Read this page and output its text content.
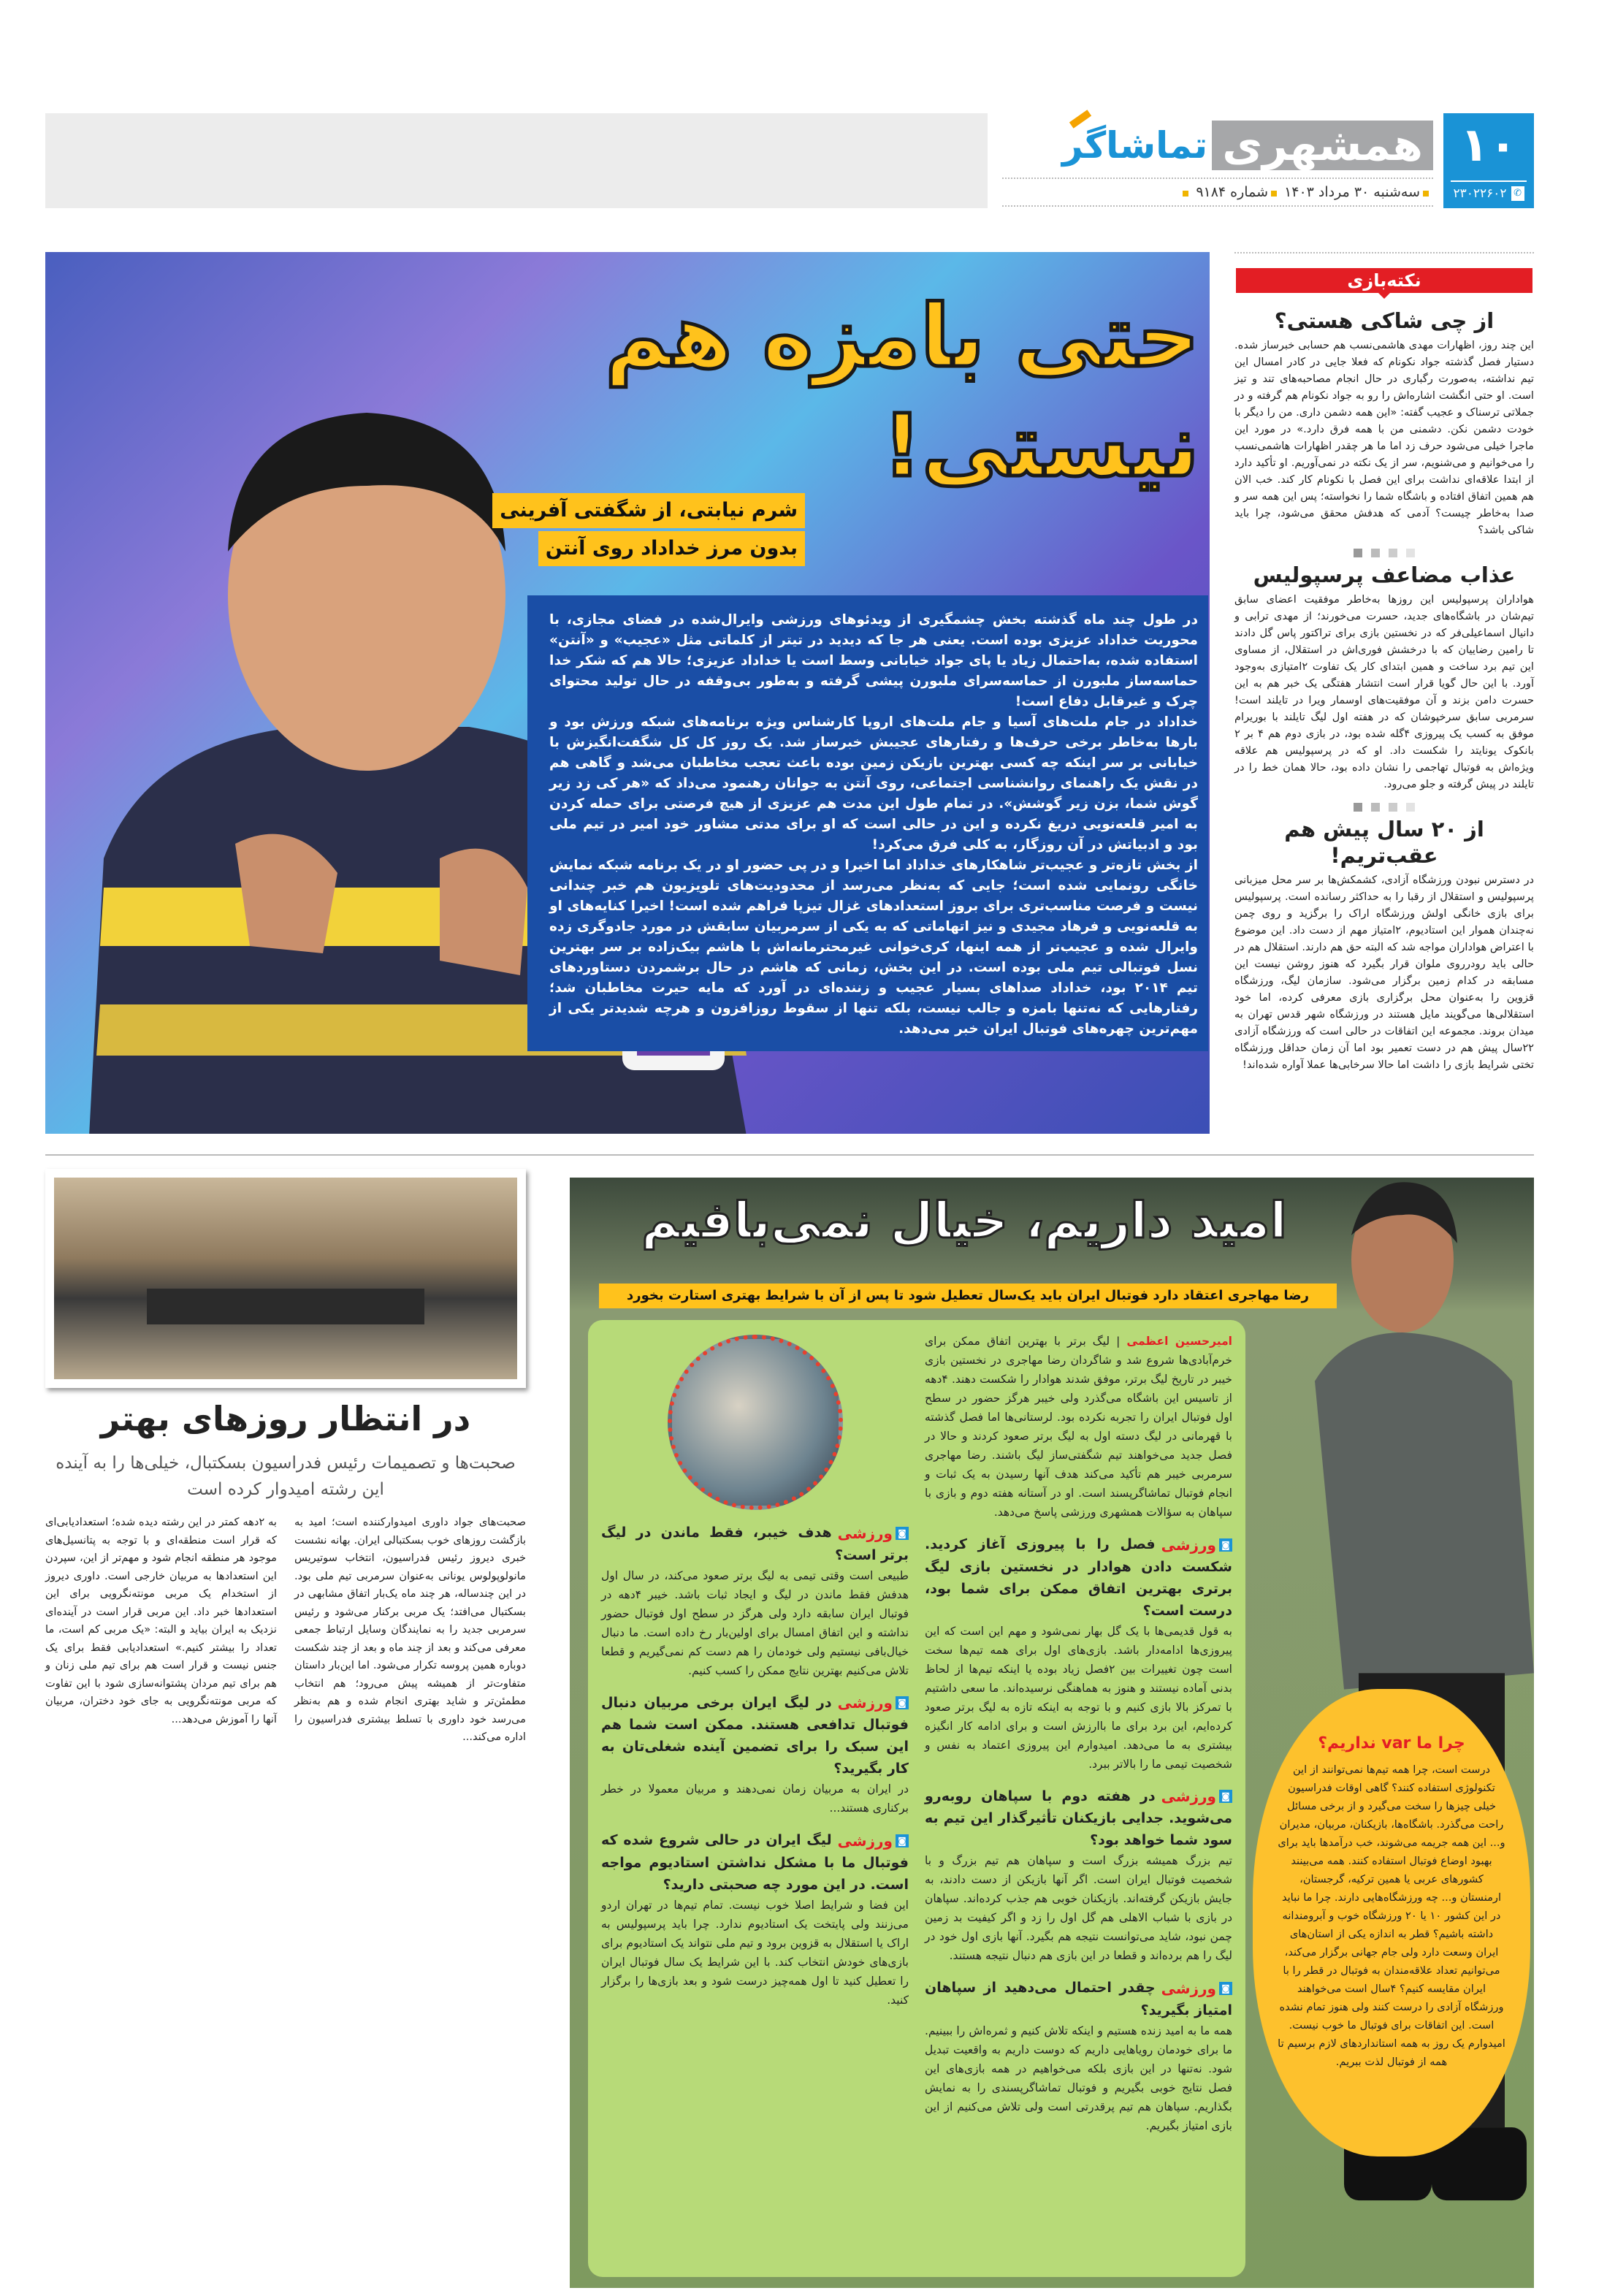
۱۰
۲۳۰۲۲۶۰۲ ✆
همشهری
تماشاگر
سه‌شنبه ۳۰ مرداد ۱۴۰۳ شماره ۹۱۸۴
نکته‌بازی
از چی شاکی هستی؟
این چند روز، اظهارات مهدی هاشمی‌نسب هم حسابی خبرساز شده. دستیار فصل گذشته جواد نکونام که فعلا جایی در کادر امسال این تیم نداشته، به‌صورت رگباری در حال انجام مصاحبه‌های تند و تیز است. او حتی انگشت اشاره‌اش را رو به جواد نکونام هم گرفته و در جملاتی ترسناک و عجیب گفته: «این همه دشمن داری. من را دیگر با خودت دشمن نکن. دشمنی من با همه فرق دارد.» در مورد این ماجرا خیلی می‌شود حرف زد اما ما هر چقدر اظهارات هاشمی‌نسب را می‌خوانیم و می‌شنویم، سر از یک نکته در نمی‌آوریم. او تأکید دارد از ابتدا علاقه‌ای نداشت برای این فصل با نکونام کار کند. خب الان هم همین اتفاق افتاده و باشگاه شما را نخواسته؛ پس این همه سر و صدا به‌خاطر چیست؟ آدمی که هدفش محقق می‌شود، چرا باید شاکی باشد؟
عذاب مضاعف پرسپولیس
هواداران پرسپولیس این روزها به‌خاطر موفقیت اعضای سابق تیم‌شان در باشگاه‌های جدید، حسرت می‌خورند؛ از مهدی ترابی و دانیال اسماعیلی‌فر که در نخستین بازی برای تراکتور پاس گل دادند تا رامین رضاییان که با درخشش فوری‌اش در استقلال، از مساوی این تیم برد ساخت و همین ابتدای کار یک تفاوت ۲امتیازی به‌وجود آورد. با این حال گویا قرار است انتشار هفتگی یک خبر هم به این حسرت دامن بزند و آن موفقیت‌های اوسمار ویرا در تایلند است! سرمربی سابق سرخپوشان که در هفته اول لیگ تایلند با بوریرام موفق به کسب یک پیروزی ۴گله شده بود، در بازی دوم هم ۴ بر ۲ بانکوک یونایتد را شکست داد. او که در پرسپولیس هم علاقه ویژه‌اش به فوتبال تهاجمی را نشان داده بود، حالا همان خط را در تایلند در پیش گرفته و جلو می‌رود.
از ۲۰ سال پیش هم عقب‌تریم!
در دسترس نبودن ورزشگاه آزادی، کشمکش‌ها بر سر محل میزبانی پرسپولیس و استقلال از رقبا را به حداکثر رسانده است. پرسپولیس برای بازی خانگی اولش ورزشگاه اراک را برگزید و روی چمن نه‌چندان هموار این استادیوم، ۲امتیاز مهم از دست داد. این موضوع با اعتراض هواداران مواجه شد که البته حق هم دارند. استقلال هم در حالی باید رودرروی ملوان قرار بگیرد که هنوز روشن نیست این مسابقه در کدام زمین برگزار می‌شود. سازمان لیگ، ورزشگاه قزوین را به‌عنوان محل برگزاری بازی معرفی کرده، اما خود استقلالی‌ها می‌گویند مایل هستند در ورزشگاه شهر قدس تهران به میدان بروند. مجموعه این اتفاقات در حالی است که ورزشگاه آزادی ۲۲سال پیش هم در دست تعمیر بود اما آن زمان حداقل ورزشگاه تختی شرایط بازی را داشت اما حالا سرخابی‌ها عملا آواره شده‌اند!
حتی بامزه هم
نیستی!
شرم نیابتی، از شگفتی آفرینی
بدون مرز خداداد روی آنتن

در طول چند ماه گذشته بخش چشمگیری از ویدئوهای ورزشی وایرال‌شده در فضای مجازی، با محوریت خداداد عزیزی بوده است. یعنی هر جا که دیدید در تیتر از کلماتی مثل «عجیب» و «آنتن» استفاده شده، به‌احتمال زیاد یا پای جواد خیابانی وسط است یا خداداد عزیزی؛ حالا هم که شکر خدا حماسه‌ساز ملبورن از حماسه‌سرای ملبورن پیشی گرفته و به‌طور بی‌وقفه در حال تولید محتوای چرک و غیرقابل دفاع است!

خداداد در جام ملت‌های آسیا و جام ملت‌های اروپا کارشناس ویژه برنامه‌های شبکه ورزش بود و بارها به‌خاطر برخی حرف‌ها و رفتارهای عجیبش خبرساز شد. یک روز کل کل شگفت‌انگیزش با خیابانی بر سر اینکه چه کسی بهترین بازیکن زمین بوده باعث تعجب مخاطبان می‌شد و گاهی هم در نقش یک راهنمای روانشناسی اجتماعی، روی آنتن به جوانان رهنمود می‌داد که «هر کی زد زیر گوش شما، بزن زیر گوشش». در تمام طول این مدت هم عزیزی از هیچ فرصتی برای حمله کردن به امیر قلعه‌نویی دریغ نکرده و این در حالی است که او برای مدتی مشاور خود امیر در تیم ملی بود و ادبیاتش در آن روزگار، به کلی فرق می‌کرد!

از بخش تازه‌تر و عجیب‌تر شاهکارهای خداداد اما اخیرا و در پی حضور او در یک برنامه شبکه نمایش خانگی رونمایی شده است؛ جایی که به‌نظر می‌رسد از محدودیت‌های تلویزیون هم خبر چندانی نیست و فرصت مناسب‌تری برای بروز استعدادهای غزال تیزپا فراهم شده است! اخیرا کنایه‌های او به قلعه‌نویی و فرهاد مجیدی و نیز اتهاماتی که به یکی از سرمربیان سابقش در مورد جادوگری زده وایرال شده و عجیب‌تر از همه اینها، کری‌خوانی غیرمحترمانه‌اش با هاشم بیک‌زاده بر سر بهترین نسل فوتبالی تیم ملی بوده است. در این بخش، زمانی که هاشم در حال برشمردن دستاوردهای تیم ۲۰۱۴ بود، خداداد صداهای بسیار عجیب و زننده‌ای در آورد که مایه حیرت مخاطبان شد؛ رفتارهایی که نه‌تنها بامزه و جالب نیست، بلکه تنها از سقوط روزافزون و هرچه شدیدتر یکی از مهم‌ترین چهره‌های فوتبال ایران خبر می‌دهد.

در انتظار روزهای بهتر
صحبت‌ها و تصمیمات رئیس فدراسیون بسکتبال، خیلی‌ها را به آینده این رشته امیدوار کرده است
صحبت‌های جواد داوری امیدوارکننده است؛ امید به بازگشت روزهای خوب بسکتبالی ایران. بهانه نشست خبری دیروز رئیس فدراسیون، انتخاب سوتیریس مانولوپولوس یونانی به‌عنوان سرمربی تیم ملی بود. در این چندساله، هر چند ماه یک‌بار اتفاق مشابهی در بسکتبال می‌افتد؛ یک مربی برکنار می‌شود و رئیس سرمربی جدید را به نمایندگان وسایل ارتباط جمعی معرفی می‌کند و بعد از چند ماه و بعد از چند شکست دوباره همین پروسه تکرار می‌شود. اما این‌بار داستان متفاوت‌تر از همیشه پیش می‌رود؛ هم انتخاب مطمئن‌تر و شاید بهتری انجام شده و هم به‌نظر می‌رسد خود داوری با تسلط بیشتری فدراسیون را اداره می‌کند...
به ۲دهه کمتر در این رشته دیده شده؛ استعدادیابی‌ای که قرار است منطقه‌ای و با توجه به پتانسیل‌های موجود هر منطقه انجام شود و مهم‌تر از این، سپردن این استعدادها به مربیان خارجی است. داوری دیروز از استخدام یک مربی مونته‌نگرویی برای این استعدادها خبر داد. این مربی قرار است در آینده‌ای نزدیک به ایران بیاید و البته: «یک مربی کم است، ما تعداد را بیشتر کنیم.» استعدادیابی فقط برای یک جنس نیست و قرار است هم برای تیم ملی زنان و هم برای تیم مردان پشتوانه‌سازی شود با این تفاوت که مربی مونته‌نگرویی به جای خود دختران، مربیان آنها را آموزش می‌دهد...
امید داریم، خیال نمی‌بافیم
رضا مهاجری اعتقاد دارد فوتبال ایران باید یک‌سال تعطیل شود تا پس از آن با شرایط بهتری استارت بخورد
امیرحسین اعظمی | لیگ برتر با بهترین اتفاق ممکن برای خرم‌آبادی‌ها شروع شد و شاگردان رضا مهاجری در نخستین بازی خیبر در تاریخ لیگ برتر، موفق شدند هوادار را شکست دهند. ۴دهه از تاسیس این باشگاه می‌گذرد ولی خیبر هرگز حضور در سطح اول فوتبال ایران را تجربه نکرده بود. لرستانی‌ها اما فصل گذشته با قهرمانی در لیگ دسته اول به لیگ برتر صعود کردند و حالا در فصل جدید می‌خواهند تیم شگفتی‌ساز لیگ باشند. رضا مهاجری سرمربی خیبر هم تأکید می‌کند هدف آنها رسیدن به یک ثبات و انجام فوتبال تماشاگرپسند است. او در آستانه هفته دوم و بازی با سپاهان به سؤالات همشهری ورزشی پاسخ می‌دهد.
◙
ورزشی
فصل را با پیروزی آغاز کردید. شکست دادن هوادار در نخستین بازی لیگ برتری بهترین اتفاق ممکن برای شما بود، درست است؟
به قول قدیمی‌ها با یک گل بهار نمی‌شود و مهم این است که این پیروزی‌ها ادامه‌دار باشد. بازی‌های اول برای همه تیم‌ها سخت است چون تغییرات بین ۲فصل زیاد بوده یا اینکه تیم‌ها از لحاظ بدنی آماده نیستند و هنوز به هماهنگی نرسیده‌اند. ما سعی داشتیم با تمرکز بالا بازی کنیم و با توجه به اینکه تازه به لیگ برتر صعود کرده‌ایم، این برد برای ما باارزش است و برای ادامه کار انگیزه بیشتری به ما می‌دهد. امیدوارم این پیروزی اعتماد به نفس و شخصیت تیمی ما را بالاتر ببرد.
◙
ورزشی
در هفته دوم با سپاهان روبه‌رو می‌شوید. جدایی بازیکنان تأثیرگذار این تیم به سود شما خواهد بود؟
تیم بزرگ همیشه بزرگ است و سپاهان هم تیم بزرگ و با شخصیت فوتبال ایران است. اگر آنها بازیکن از دست دادند، به جایش بازیکن گرفته‌اند. بازیکنان خوبی هم جذب کرده‌اند. سپاهان در بازی با شباب الاهلی هم گل اول را زد و اگر کیفیت بد زمین چمن نبود، شاید می‌توانست نتیجه هم بگیرد. آنها بازی اول خود در لیگ را هم برده‌اند و قطعا در این بازی هم دنبال نتیجه هستند.
◙
ورزشی
چقدر احتمال می‌دهید از سپاهان امتیاز بگیرید؟
همه ما به امید زنده هستیم و اینکه تلاش کنیم و ثمره‌اش را ببینیم. ما برای خودمان رویاهایی داریم که دوست داریم به واقعیت تبدیل شود. نه‌تنها در این بازی بلکه می‌خواهیم در همه بازی‌های این فصل نتایج خوبی بگیریم و فوتبال تماشاگرپسندی را به نمایش بگذاریم. سپاهان هم تیم پرقدرتی است ولی تلاش می‌کنیم از این بازی امتیاز بگیریم.
◙
ورزشی
هدف خیبر، فقط ماندن در لیگ برتر است؟
طبیعی است وقتی تیمی به لیگ برتر صعود می‌کند، در سال اول هدفش فقط ماندن در لیگ و ایجاد ثبات باشد. خیبر ۴دهه در فوتبال ایران سابقه دارد ولی هرگز در سطح اول فوتبال حضور نداشته و این اتفاق امسال برای اولین‌بار رخ داده است. ما دنبال خیال‌بافی نیستیم ولی خودمان را هم دست کم نمی‌گیریم و قطعا تلاش می‌کنیم بهترین نتایج ممکن را کسب کنیم.
◙
ورزشی
در لیگ ایران برخی مربیان دنبال فوتبال تدافعی هستند. ممکن است شما هم این سبک را برای تضمین آینده شغلی‌تان به کار بگیرید؟
در ایران به مربیان زمان نمی‌دهند و مربیان معمولا در خطر برکناری هستند...
◙
ورزشی
لیگ ایران در حالی شروع شده که فوتبال ما با مشکل نداشتن استادیوم مواجه است. در این مورد چه صحبتی دارید؟
این فضا و شرایط اصلا خوب نیست. تمام تیم‌ها در تهران اردو می‌زنند ولی پایتخت یک استادیوم ندارد. چرا باید پرسپولیس به اراک یا استقلال به قزوین برود و تیم ملی نتواند یک استادیوم برای بازی‌های خودش انتخاب کند. با این شرایط یک سال فوتبال ایران را تعطیل کنید تا اول همه‌چیز درست شود و بعد بازی‌ها را برگزار کنید.
چرا ما var نداریم؟
درست است، چرا همه تیم‌ها نمی‌توانند از این تکنولوژی استفاده کنند؟ گاهی اوقات فدراسیون خیلی چیزها را سخت می‌گیرد و از برخی مسائل راحت می‌گذرد. باشگاه‌ها، بازیکنان، مربیان، مدیران و... این همه جریمه می‌شوند، خب درآمدها باید برای بهبود اوضاع فوتبال استفاده کنند. همه می‌بینند کشورهای عربی یا همین ترکیه، گرجستان، ارمنستان و... چه ورزشگاه‌هایی دارند. چرا ما نباید در این کشور ۱۰ یا ۲۰ ورزشگاه خوب و آبرومندانه داشته باشیم؟ قطر به اندازه یکی از استان‌های ایران وسعت دارد ولی جام جهانی برگزار می‌کند، می‌توانیم تعداد علاقه‌مندان به فوتبال در قطر را با ایران مقایسه کنیم؟ ۴سال است می‌خواهند ورزشگاه آزادی را درست کنند ولی هنوز تمام نشده است. این اتفاقات برای فوتبال ما خوب نیست. امیدوارم یک روز به همه استانداردهای لازم برسیم تا همه از فوتبال لذت ببریم.
